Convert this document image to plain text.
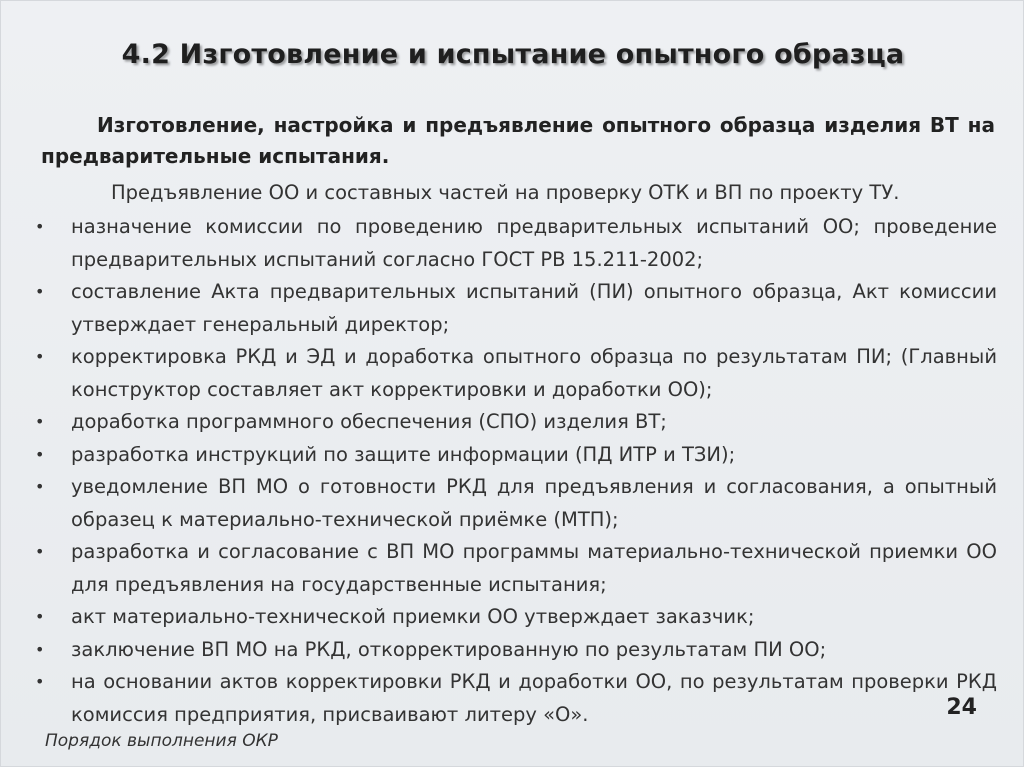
4.2 Изготовление и испытание опытного образца
Изготовление, настройка и предъявление опытного образца изделия ВТ на предварительные испытания.
Предъявление ОО и составных частей на проверку ОТК и ВП по проекту ТУ.
• назначение комиссии по проведению предварительных испытаний ОО; проведение предварительных испытаний согласно ГОСТ РВ 15.211-2002;
• составление Акта предварительных испытаний (ПИ) опытного образца, Акт комиссии утверждает генеральный директор;
• корректировка РКД и ЭД и доработка опытного образца по результатам ПИ; (Главный конструктор составляет акт корректировки и доработки ОО);
• доработка программного обеспечения (СПО) изделия ВТ;
• разработка инструкций по защите информации (ПД ИТР и ТЗИ);
• уведомление ВП МО о готовности РКД для предъявления и согласования, а опытный образец к материально-технической приёмке (МТП);
• разработка и согласование с ВП МО программы материально-технической приемки ОО для предъявления на государственные испытания;
• акт материально-технической приемки ОО утверждает заказчик;
• заключение ВП МО на РКД, откорректированную по результатам ПИ ОО;
• на основании актов корректировки РКД и доработки ОО, по результатам проверки РКД комиссия предприятия, присваивают литеру «О».	24
Порядок выполнения ОКР
